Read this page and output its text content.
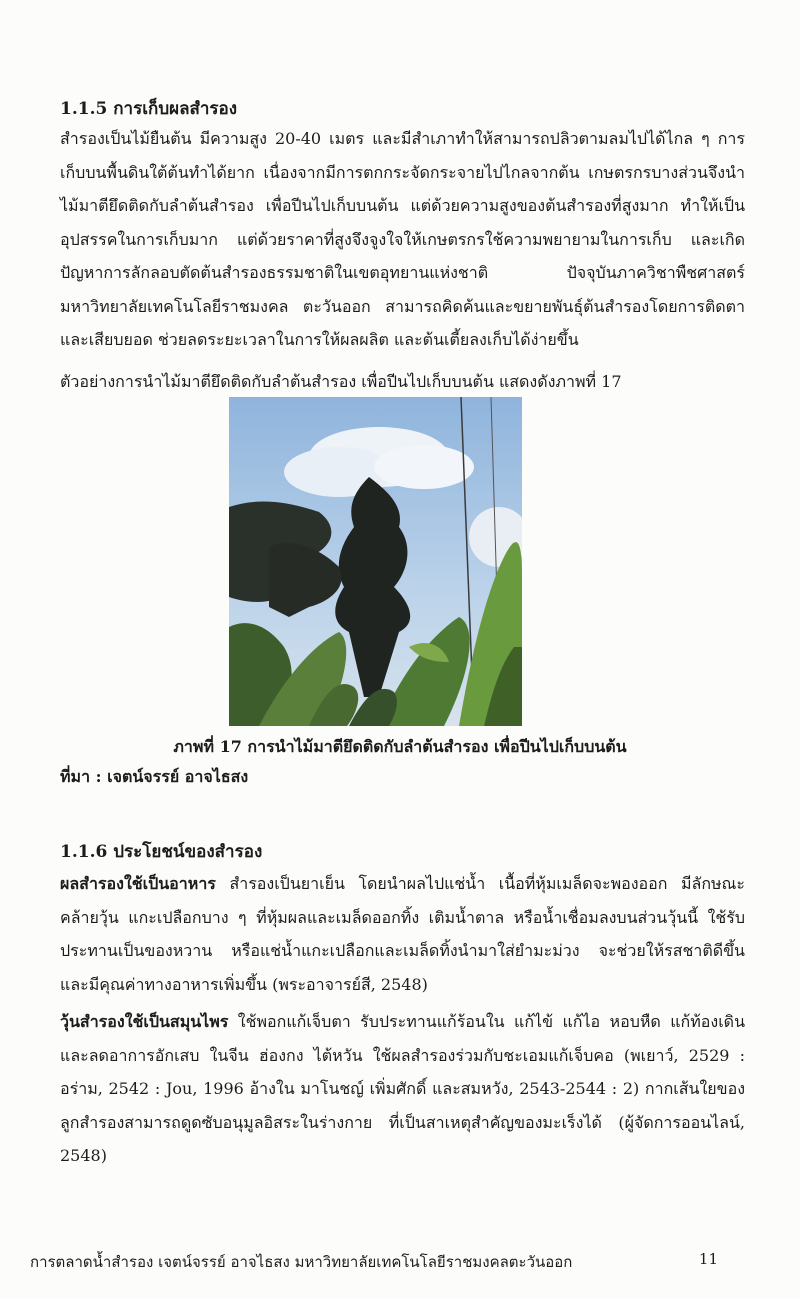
1.1.5 การเก็บผลสำรอง
สำรองเป็นไม้ยืนต้น มีความสูง 20-40 เมตร และมีสำเภาทำให้สามารถปลิวตามลมไปได้ไกล ๆ การเก็บบนพื้นดินใต้ต้นทำได้ยาก เนื่องจากมีการตกกระจัดกระจายไปไกลจากต้น เกษตรกรบางส่วนจึงนำไม้มาตียึดติดกับลำต้นสำรอง เพื่อปีนไปเก็บบนต้น แต่ด้วยความสูงของต้นสำรองที่สูงมาก ทำให้เป็นอุปสรรคในการเก็บมาก แต่ด้วยราคาที่สูงจึงจูงใจให้เกษตรกรใช้ความพยายามในการเก็บ และเกิดปัญหาการลักลอบตัดต้นสำรองธรรมชาติในเขตอุทยานแห่งชาติ ปัจจุบันภาควิชาพืชศาสตร์มหาวิทยาลัยเทคโนโลยีราชมงคล ตะวันออก สามารถคิดค้นและขยายพันธุ์ต้นสำรองโดยการติดตาและเสียบยอด ช่วยลดระยะเวลาในการให้ผลผลิต และต้นเตี้ยลงเก็บได้ง่ายขึ้น
ตัวอย่างการนำไม้มาตียึดติดกับลำต้นสำรอง เพื่อปีนไปเก็บบนต้น แสดงดังภาพที่ 17
ภาพที่ 17 การนำไม้มาตียึดติดกับลำต้นสำรอง เพื่อปีนไปเก็บบนต้น
ที่มา : เจตน์จรรย์ อาจไธสง
1.1.6 ประโยชน์ของสำรอง
ผลสำรองใช้เป็นอาหาร สำรองเป็นยาเย็น โดยนำผลไปแช่น้ำ เนื้อที่หุ้มเมล็ดจะพองออก มีลักษณะคล้ายวุ้น แกะเปลือกบาง ๆ ที่หุ้มผลและเมล็ดออกทิ้ง เติมน้ำตาล หรือน้ำเชื่อมลงบนส่วนวุ้นนี้ ใช้รับประทานเป็นของหวาน หรือแช่น้ำแกะเปลือกและเมล็ดทิ้งนำมาใส่ยำมะม่วง จะช่วยให้รสชาติดีขึ้นและมีคุณค่าทางอาหารเพิ่มขึ้น (พระอาจารย์สี, 2548)
วุ้นสำรองใช้เป็นสมุนไพร ใช้พอกแก้เจ็บตา รับประทานแก้ร้อนใน แก้ไข้ แก้ไอ หอบหืด แก้ท้องเดิน และลดอาการอักเสบ ในจีน ฮ่องกง ไต้หวัน ใช้ผลสำรองร่วมกับชะเอมแก้เจ็บคอ (พเยาว์, 2529 : อร่าม, 2542 : Jou, 1996 อ้างใน มาโนชญ์ เพิ่มศักดิ์ และสมหวัง, 2543-2544 : 2) กากเส้นใยของลูกสำรองสามารถดูดซับอนุมูลอิสระในร่างกาย ที่เป็นสาเหตุสำคัญของมะเร็งได้ (ผู้จัดการออนไลน์, 2548)
การตลาดน้ำสำรอง เจตน์จรรย์ อาจไธสง มหาวิทยาลัยเทคโนโลยีราชมงคลตะวันออก	11
